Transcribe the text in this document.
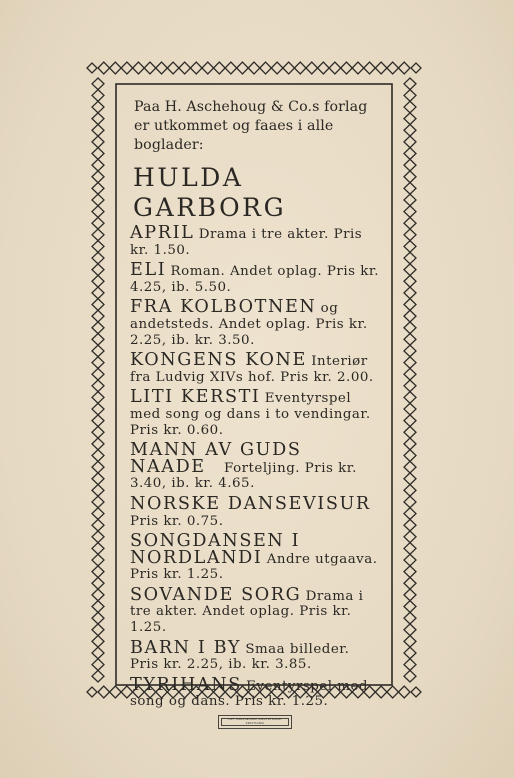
Paa H. Aschehoug & Co.s forlag er utkommet og faaes i alle boglader:
HULDA GARBORG
APRIL Drama i tre akter. Pris kr. 1.50.
ELI Roman. Andet oplag. Pris kr. 4.25, ib. 5.50.
FRA KOLBOTNEN og andetsteds. Andet oplag. Pris kr. 2.25, ib. kr. 3.50.
KONGENS KONE Interiør fra Ludvig XIVs hof. Pris kr. 2.00.
LITI KERSTI Eventyrspel med song og dans i to vendingar. Pris kr. 0.60.
MANN AV GUDS NAADE Forteljing. Pris kr. 3.40, ib. kr. 4.65.
NORSKE DANSEVISUR Pris kr. 0.75.
SONGDANSEN I NORDLANDI Andre utgaava. Pris kr. 1.25.
SOVANDE SORG Drama i tre akter. Andet oplag. Pris kr. 1.25.
BARN I BY Smaa billeder. Pris kr. 2.25, ib. kr. 3.85.
TYRIHANS Eventyrspel med song og dans. Pris kr. 1.25.
DET MALLINGSKE BOGTRYKKERI KRISTIANIA
